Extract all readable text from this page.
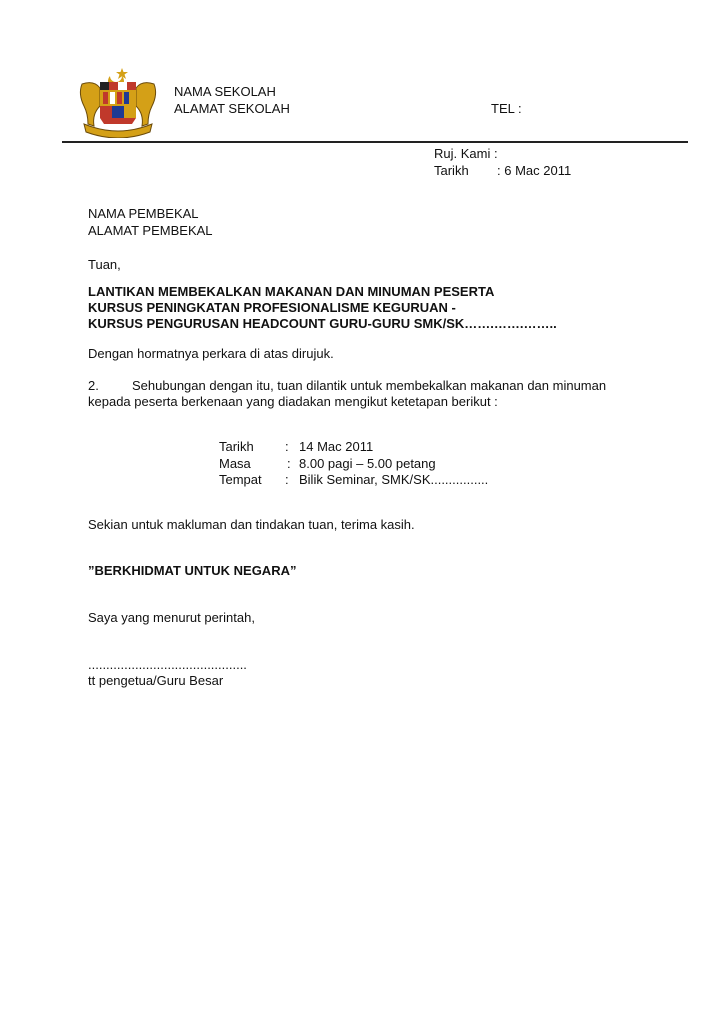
NAMA SEKOLAH
ALAMAT SEKOLAH	TEL :
Ruj. Kami :
Tarikh : 6 Mac 2011
NAMA PEMBEKAL
ALAMAT PEMBEKAL
Tuan,
LANTIKAN MEMBEKALKAN MAKANAN DAN MINUMAN PESERTA
KURSUS PENINGKATAN PROFESIONALISME KEGURUAN -
KURSUS PENGURUSAN HEADCOUNT GURU-GURU SMK/SK…….…….……..
Dengan hormatnya perkara di atas dirujuk.
2.	Sehubungan dengan itu, tuan dilantik untuk membekalkan makanan dan minuman
kepada peserta berkenaan yang diadakan mengikut ketetapan berikut :
Tarikh : 14 Mac 2011
Masa	: 8.00 pagi – 5.00 petang
Tempat : Bilik Seminar, SMK/SK................
Sekian untuk makluman dan tindakan tuan, terima kasih.
”BERKHIDMAT UNTUK NEGARA”
Saya yang menurut perintah,
............................................
tt pengetua/Guru Besar
